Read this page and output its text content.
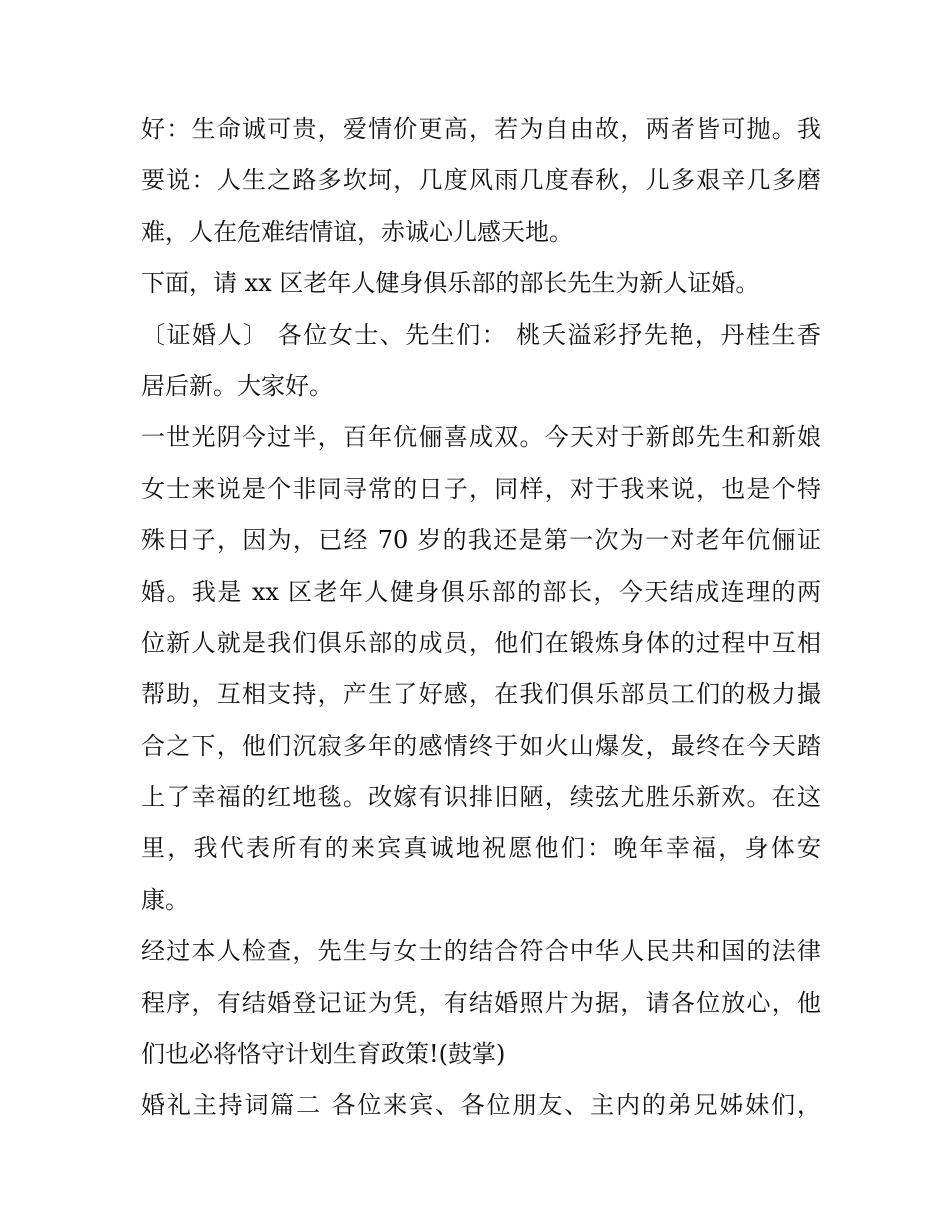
好：生命诚可贵，爱情价更高，若为自由故，两者皆可抛。我
要说：人生之路多坎坷，几度风雨几度春秋，儿多艰辛几多磨
难，人在危难结情谊，赤诚心儿感天地。
下面，请 xx 区老年人健身俱乐部的部长先生为新人证婚。
〔证婚人〕 各位女士、先生们： 桃夭溢彩抒先艳，丹桂生香
居后新。大家好。
一世光阴今过半，百年伉俪喜成双。今天对于新郎先生和新娘
女士来说是个非同寻常的日子，同样，对于我来说，也是个特
殊日子，因为，已经 70 岁的我还是第一次为一对老年伉俪证
婚。我是 xx 区老年人健身俱乐部的部长，今天结成连理的两
位新人就是我们俱乐部的成员，他们在锻炼身体的过程中互相
帮助，互相支持，产生了好感，在我们俱乐部员工们的极力撮
合之下，他们沉寂多年的感情终于如火山爆发，最终在今天踏
上了幸福的红地毯。改嫁有识排旧陋，续弦尤胜乐新欢。在这
里，我代表所有的来宾真诚地祝愿他们：晚年幸福，身体安
康。
经过本人检查，先生与女士的结合符合中华人民共和国的法律
程序，有结婚登记证为凭，有结婚照片为据，请各位放心，他
们也必将恪守计划生育政策!(鼓掌)
婚礼主持词篇二 各位来宾、各位朋友、主内的弟兄姊妹们，
